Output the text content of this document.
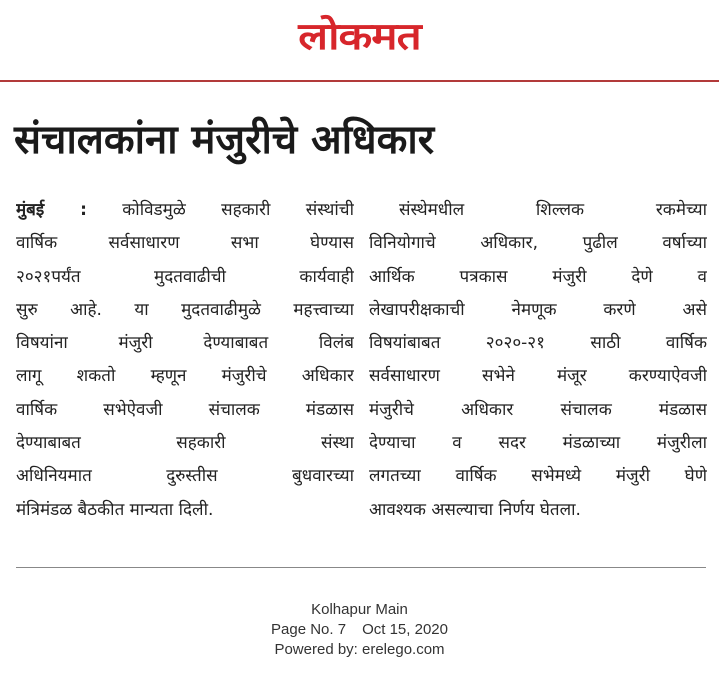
लोकमत
संचालकांना मंजुरीचे अधिकार
मुंबई : कोविडमुळे सहकारी संस्थांची
वार्षिक सर्वसाधारण सभा घेण्यास
२०२१पर्यंत मुदतवाढीची कार्यवाही
सुरु आहे. या मुदतवाढीमुळे महत्त्वाच्या
विषयांना मंजुरी देण्याबाबत विलंब
लागू शकतो म्हणून मंजुरीचे अधिकार
वार्षिक सभेऐवजी संचालक मंडळास
देण्याबाबत सहकारी संस्था
अधिनियमात दुरुस्तीस बुधवारच्या
मंत्रिमंडळ बैठकीत मान्यता दिली.
संस्थेमधील शिल्लक रकमेच्या
विनियोगाचे अधिकार, पुढील वर्षाच्या
आर्थिक पत्रकास मंजुरी देणे व
लेखापरीक्षकाची नेमणूक करणे असे
विषयांबाबत २०२०-२१ साठी वार्षिक
सर्वसाधारण सभेने मंजूर करण्याऐवजी
मंजुरीचे अधिकार संचालक मंडळास
देण्याचा व सदर मंडळाच्या मंजुरीला
लगतच्या वार्षिक सभेमध्ये मंजुरी घेणे
आवश्यक असल्याचा निर्णय घेतला.
Kolhapur Main
Page No. 7 Oct 15, 2020
Powered by: erelego.com
